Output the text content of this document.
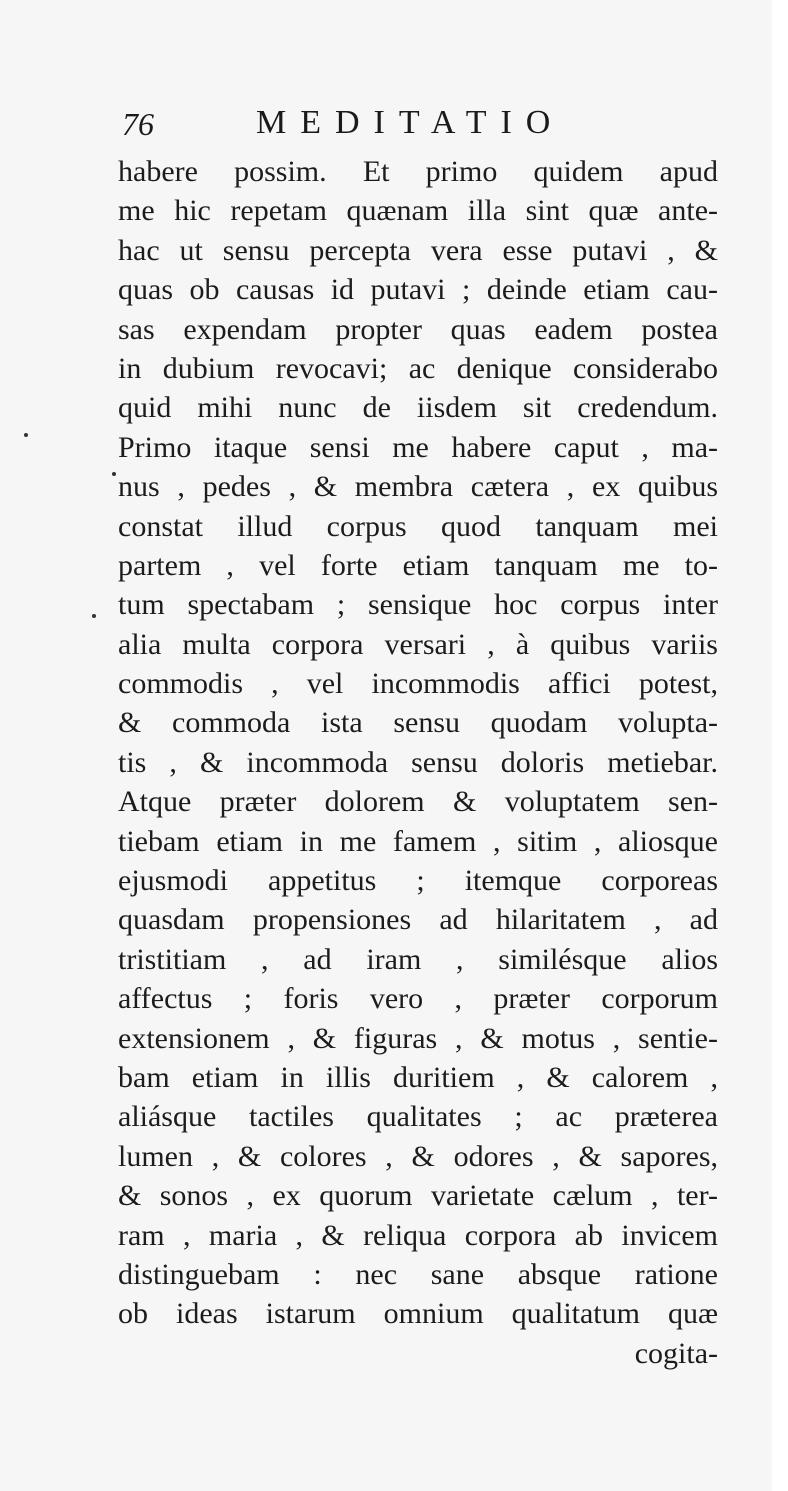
76	MEDITATIO
habere possim. Et primo quidem apud
me hic repetam quænam illa sint quæ ante-
hac ut sensu percepta vera esse putavi , &
quas ob causas id putavi ; deinde etiam cau-
sas expendam propter quas eadem postea
in dubium revocavi; ac denique considerabo
quid mihi nunc de iisdem sit credendum.
Primo itaque sensi me habere caput , ma-
nus , pedes , & membra cætera , ex quibus
constat illud corpus quod tanquam mei
partem , vel forte etiam tanquam me to-
tum spectabam ; sensique hoc corpus inter
alia multa corpora versari , à quibus variis
commodis , vel incommodis affici potest,
& commoda ista sensu quodam volupta-
tis , & incommoda sensu doloris metiebar.
Atque præter dolorem & voluptatem sen-
tiebam etiam in me famem , sitim , aliosque
ejusmodi appetitus ; itemque corporeas
quasdam propensiones ad hilaritatem , ad
tristitiam , ad iram , similésque alios
affectus ; foris vero , præter corporum
extensionem , & figuras , & motus , sentie-
bam etiam in illis duritiem , & calorem ,
aliásque tactiles qualitates ; ac præterea
lumen , & colores , & odores , & sapores,
& sonos , ex quorum varietate cælum , ter-
ram , maria , & reliqua corpora ab invicem
distinguebam : nec sane absque ratione
ob ideas istarum omnium qualitatum quæ
cogita-
